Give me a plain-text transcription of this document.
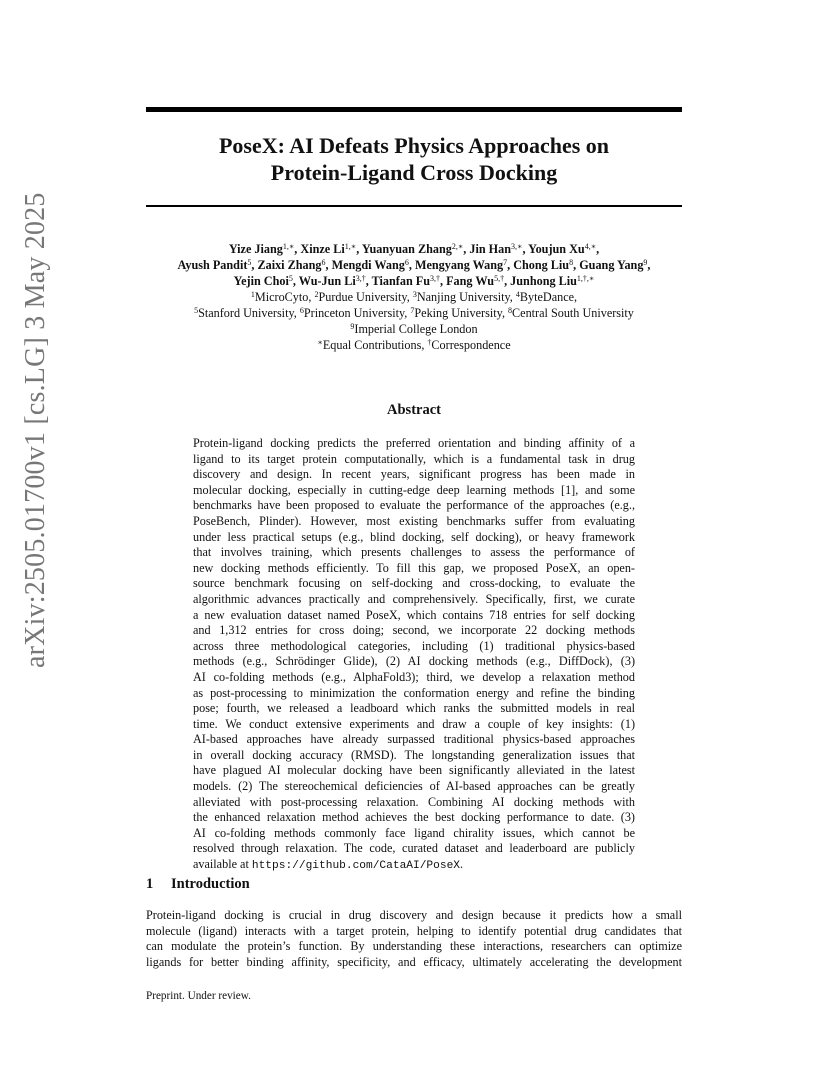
PoseX: AI Defeats Physics Approaches on
Protein-Ligand Cross Docking
arXiv:2505.01700v1 [cs.LG] 3 May 2025	Yize Jiang$^{1,∗}$, Xinze $Li^{1,∗}$, Yuanyuan Zhang$^{2,∗}$, Jin Han$^{3,∗}$, Youjun $Xu^{4,∗}$,
Ayush Pandit$^5$, Zaixi Zhang$^6$, Mengdi Wang$^6$, Mengyang Wang$^7$, Chong Liu$^8$, Guang Yang$^9$,
Yejin Choi$^5$, Wu-Jun $Li^{3,\dagger}$, Tianfan $Fu^{3,\dagger}$, Fang $Wu^{5,\dagger}$, Junhong Liu$^{1,\dagger,∗}$
$^1$MicroCyto, $^2$Purdue University, $^3$Nanjing University, $^4$ByteDance,
$^5$Stanford University, $^6$Princeton University, $^7$Peking University, $^8$Central South University
$^9$Imperial College London
∗Equal Contributions, †Correspondence
Abstract
Protein-ligand docking predicts the preferred orientation and binding affinity of a
ligand to its target protein computationally, which is a fundamental task in drug
discovery and design. In recent years, significant progress has been made in
molecular docking, especially in cutting-edge deep learning methods [1], and some
benchmarks have been proposed to evaluate the performance of the approaches (e.g.,
PoseBench, Plinder). However, most existing benchmarks suffer from evaluating
under less practical setups (e.g., blind docking, self docking), or heavy framework
that involves training, which presents challenges to assess the performance of
new docking methods efficiently. To fill this gap, we proposed PoseX, an open-
source benchmark focusing on self-docking and cross-docking, to evaluate the
algorithmic advances practically and comprehensively. Specifically, first, we curate
a new evaluation dataset named PoseX, which contains 718 entries for self docking
and 1,312 entries for cross doing; second, we incorporate 22 docking methods
across three methodological categories, including (1) traditional physics-based
methods (e.g., Schrödinger Glide), (2) AI docking methods (e.g., DiffDock), (3)
AI co-folding methods (e.g., AlphaFold3); third, we develop a relaxation method
as post-processing to minimization the conformation energy and refine the binding
pose; fourth, we released a leadboard which ranks the submitted models in real
time. We conduct extensive experiments and draw a couple of key insights: (1)
AI-based approaches have already surpassed traditional physics-based approaches
in overall docking accuracy (RMSD). The longstanding generalization issues that
have plagued AI molecular docking have been significantly alleviated in the latest
models. (2) The stereochemical deficiencies of AI-based approaches can be greatly
alleviated with post-processing relaxation. Combining AI docking methods with
the enhanced relaxation method achieves the best docking performance to date. (3)
AI co-folding methods commonly face ligand chirality issues, which cannot be
resolved through relaxation. The code, curated dataset and leaderboard are publicly
available at https://github.com/CataAI/PoseX.
1 Introduction
Protein-ligand docking is crucial in drug discovery and design because it predicts how a small
molecule (ligand) interacts with a target protein, helping to identify potential drug candidates that
can modulate the protein’s function. By understanding these interactions, researchers can optimize
ligands for better binding affinity, specificity, and efficacy, ultimately accelerating the development
Preprint. Under review.
